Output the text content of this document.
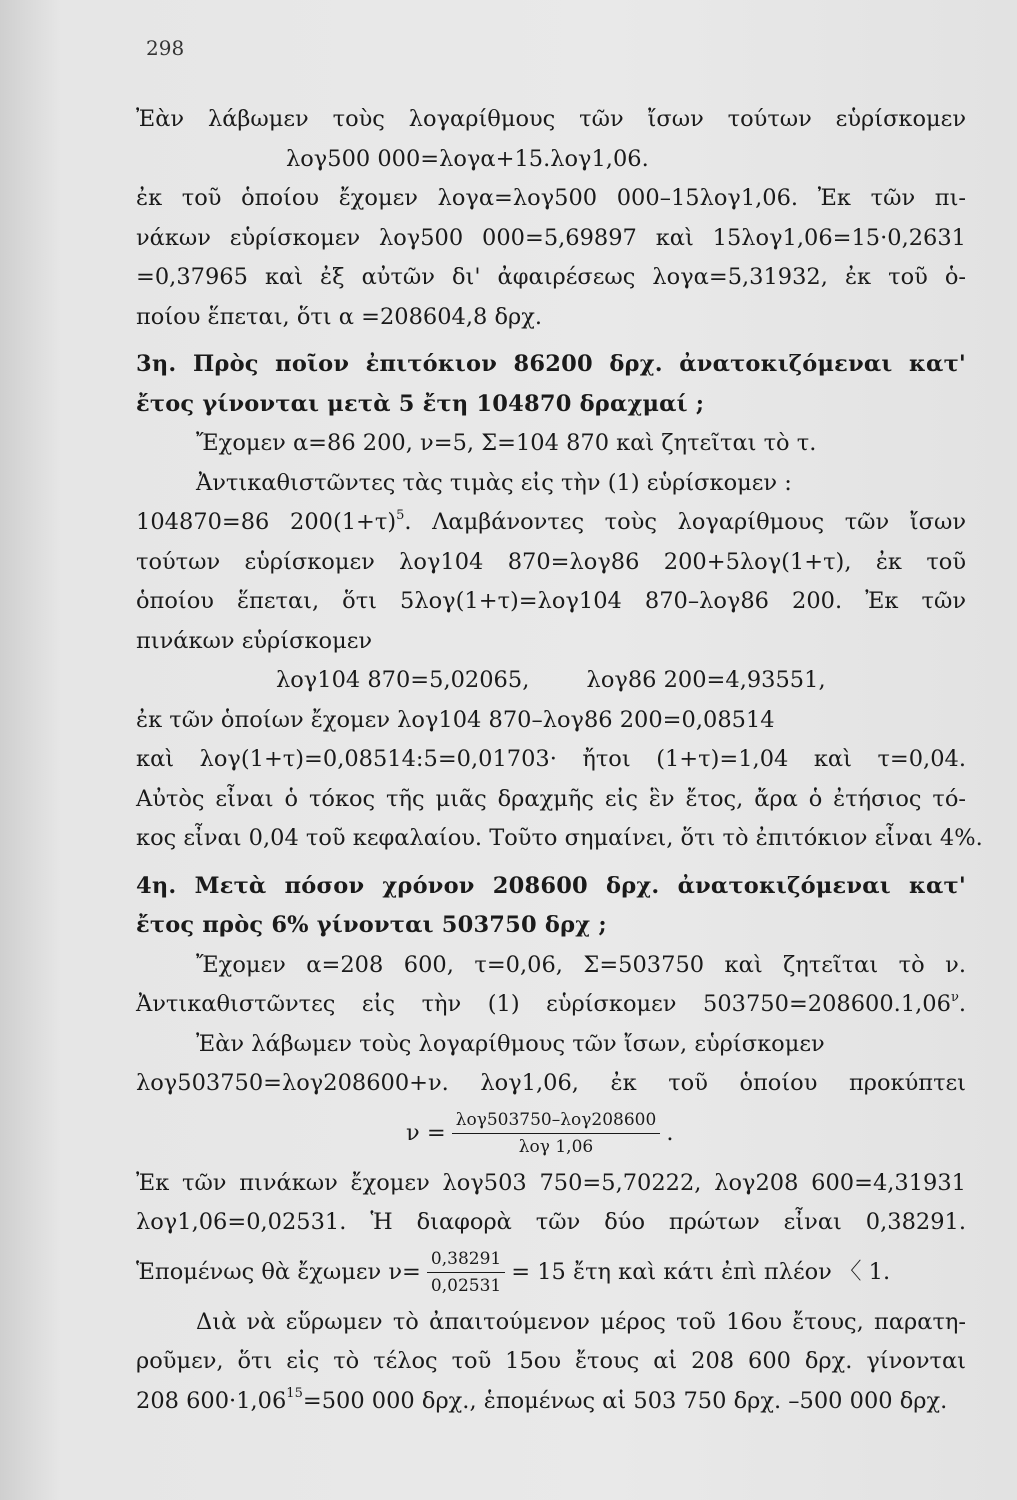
298
Ἐὰν λάβωμεν τοὺς λογαρίθμους τῶν ἴσων τούτων εὑρίσκομεν
λογ500 000=λογα+15.λογ1,06.
ἐκ τοῦ ὁποίου ἔχομεν λογα=λογ500 000–15λογ1,06. Ἐκ τῶν πι-
νάκων εὑρίσκομεν λογ500 000=5,69897 καὶ 15λογ1,06=15·0,2631
=0,37965 καὶ ἐξ αὐτῶν δι' ἀφαιρέσεως λογα=5,31932, ἐκ τοῦ ὁ-
ποίου ἕπεται, ὅτι α =208604,8 δρχ.
3η. Πρὸς ποῖον ἐπιτόκιον 86200 δρχ. ἀνατοκιζόμεναι κατ'
ἔτος γίνονται μετὰ 5 ἔτη 104870 δραχμαί ;
Ἔχομεν α=86 200, ν=5, Σ=104 870 καὶ ζητεῖται τὸ τ.
Ἀντικαθιστῶντες τὰς τιμὰς εἰς τὴν (1) εὑρίσκομεν :
104870=86 $200(1+\tau)^5$. Λαμβάνοντες τοὺς λογαρίθμους τῶν ἴσων
τούτων εὑρίσκομεν λογ104 870=λογ86 200+5λογ(1+τ), ἐκ τοῦ
ὁποίου ἕπεται, ὅτι 5λογ(1+τ)=λογ104 870–λογ86 200. Ἐκ τῶν
πινάκων εὑρίσκομεν
λογ104 870=5,02065,        λογ86 200=4,93551,
ἐκ τῶν ὁποίων ἔχομεν λογ104 870–λογ86 200=0,08514
καὶ λογ(1+τ)=0,08514:5=0,01703· ἤτοι (1+τ)=1,04 καὶ τ=0,04.
Αὐτὸς εἶναι ὁ τόκος τῆς μιᾶς δραχμῆς εἰς ἓν ἔτος, ἄρα ὁ ἐτήσιος τό-
κος εἶναι 0,04 τοῦ κεφαλαίου. Τοῦτο σημαίνει, ὅτι τὸ ἐπιτόκιον εἶναι 4%.
4η. Μετὰ πόσον χρόνον 208600 δρχ. ἀνατοκιζόμεναι κατ'
ἔτος πρὸς 6% γίνονται 503750 δρχ ;
Ἔχομεν α=208 600, τ=0,06, Σ=503750 καὶ ζητεῖται τὸ ν.
Ἀντικαθιστῶντες εἰς τὴν (1) εὑρίσκομεν $503750=208600.1,06^\nu$.
Ἐὰν λάβωμεν τοὺς λογαρίθμους τῶν ἴσων, εὑρίσκομεν
λογ503750=λογ208600+ν. λογ1,06, ἐκ τοῦ ὁποίου προκύπτει
$\nu = \frac{\text{λογ503750–λογ208600}}{\text{λογ 1,06}}$ .
Ἐκ τῶν πινάκων ἔχομεν λογ503 750=5,70222, λογ208 600=4,31931
λογ1,06=0,02531. Ἡ διαφορὰ τῶν δύο πρώτων εἶναι 0,38291.
Ἑπομένως θὰ ἔχωμεν $\nu= \frac{0,38291}{0,02531} = 15$ ἔτη καὶ κάτι ἐπὶ πλέον 〈 1.
Διὰ νὰ εὕρωμεν τὸ ἀπαιτούμενον μέρος τοῦ 16ου ἔτους, παρατη-
ροῦμεν, ὅτι εἰς τὸ τέλος τοῦ 15ου ἔτους αἱ 208 600 δρχ. γίνονται
208 $600\cdot 1,06^{15}=500$ 000 δρχ., ἑπομένως αἱ 503 750 δρχ. –500 000 δρχ.
